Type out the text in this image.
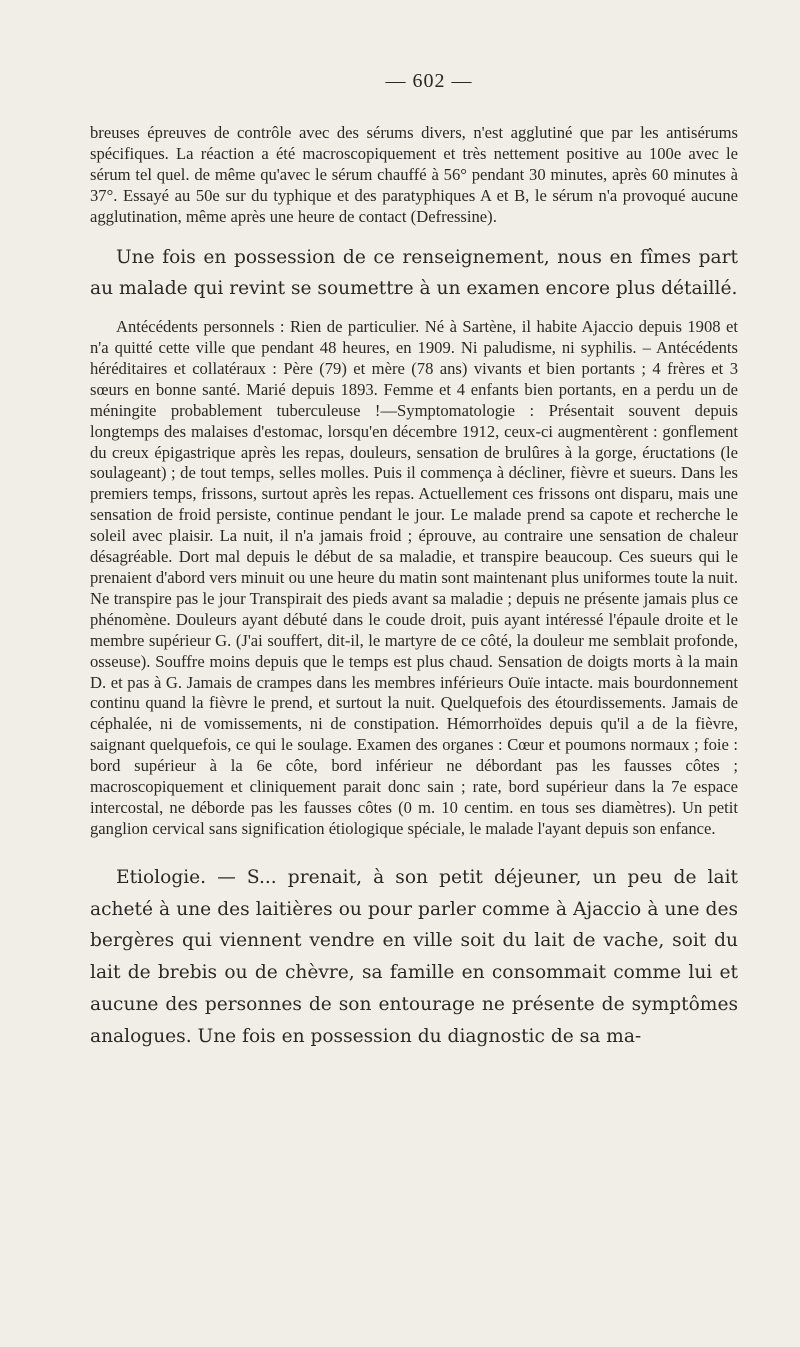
— 602 —

breuses épreuves de contrôle avec des sérums divers, n'est agglutiné que par les antisérums spécifiques. La réaction a été macroscopiquement et très nettement positive au 100e avec le sérum tel quel. de même qu'avec le sérum chauffé à 56° pendant 30 minutes, après 60 minutes à 37°. Essayé au 50e sur du typhique et des paratyphiques A et B, le sérum n'a provoqué aucune agglutination, même après une heure de contact (Defressine).

Une fois en possession de ce renseignement, nous en fîmes part au malade qui revint se soumettre à un examen encore plus détaillé.

Antécédents personnels : Rien de particulier. Né à Sartène, il habite Ajaccio depuis 1908 et n'a quitté cette ville que pendant 48 heures, en 1909. Ni paludisme, ni syphilis. – Antécédents héréditaires et collatéraux : Père (79) et mère (78 ans) vivants et bien portants ; 4 frères et 3 sœurs en bonne santé. Marié depuis 1893. Femme et 4 enfants bien portants, en a perdu un de méningite probablement tuberculeuse !—Symptomatologie : Présentait souvent depuis longtemps des malaises d'estomac, lorsqu'en décembre 1912, ceux-ci augmentèrent : gonflement du creux épigastrique après les repas, douleurs, sensation de brulûres à la gorge, éructations (le soulageant) ; de tout temps, selles molles. Puis il commença à décliner, fièvre et sueurs. Dans les premiers temps, frissons, surtout après les repas. Actuellement ces frissons ont disparu, mais une sensation de froid persiste, continue pendant le jour. Le malade prend sa capote et recherche le soleil avec plaisir. La nuit, il n'a jamais froid ; éprouve, au contraire une sensation de chaleur désagréable. Dort mal depuis le début de sa maladie, et transpire beaucoup. Ces sueurs qui le prenaient d'abord vers minuit ou une heure du matin sont maintenant plus uniformes toute la nuit. Ne transpire pas le jour Transpirait des pieds avant sa maladie ; depuis ne présente jamais plus ce phénomène. Douleurs ayant débuté dans le coude droit, puis ayant intéressé l'épaule droite et le membre supérieur G. (J'ai souffert, dit-il, le martyre de ce côté, la douleur me semblait profonde, osseuse). Souffre moins depuis que le temps est plus chaud. Sensation de doigts morts à la main D. et pas à G. Jamais de crampes dans les membres inférieurs Ouïe intacte. mais bourdonnement continu quand la fièvre le prend, et surtout la nuit. Quelquefois des étourdissements. Jamais de céphalée, ni de vomissements, ni de constipation. Hémorrhoïdes depuis qu'il a de la fièvre, saignant quelquefois, ce qui le soulage. Examen des organes : Cœur et poumons normaux ; foie : bord supérieur à la 6e côte, bord inférieur ne débordant pas les fausses côtes ; macroscopiquement et cliniquement parait donc sain ; rate, bord supérieur dans la 7e espace intercostal, ne déborde pas les fausses côtes (0 m. 10 centim. en tous ses diamètres). Un petit ganglion cervical sans signification étiologique spéciale, le malade l'ayant depuis son enfance.

Etiologie. — S... prenait, à son petit déjeuner, un peu de lait acheté à une des laitières ou pour parler comme à Ajaccio à une des bergères qui viennent vendre en ville soit du lait de vache, soit du lait de brebis ou de chèvre, sa famille en consommait comme lui et aucune des personnes de son entourage ne présente de symptômes analogues. Une fois en possession du diagnostic de sa ma-
